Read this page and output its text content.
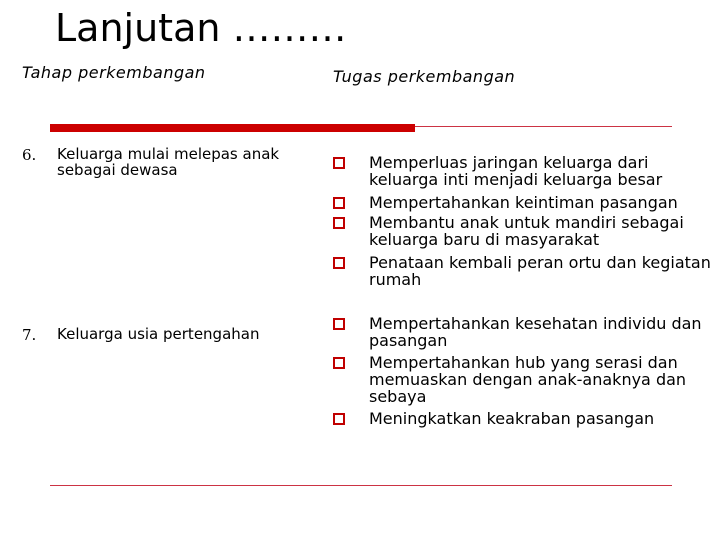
Lanjutan ………
Tahap perkembangan	Tugas perkembangan
6. Keluarga mulai melepas anak sebagai dewasa	Memperluas jaringan keluarga dari keluarga inti menjadi keluarga besar
Mempertahankan keintiman pasangan
Membantu anak untuk mandiri sebagai keluarga baru di masyarakat
Penataan kembali peran ortu dan kegiatan rumah
7. Keluarga usia pertengahan
Mempertahankan kesehatan individu dan pasangan
Mempertahankan hub yang serasi dan memuaskan dengan anak-anaknya dan sebaya
Meningkatkan keakraban pasangan
